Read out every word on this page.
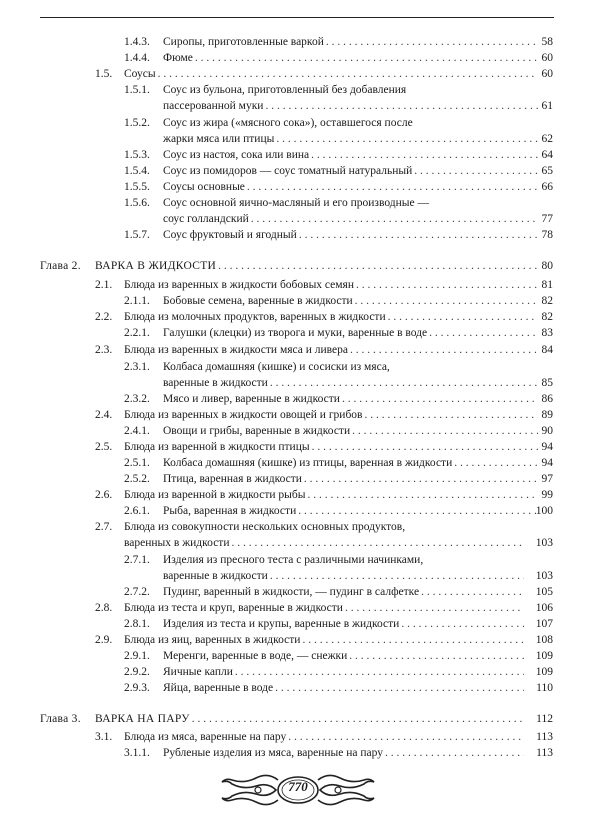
1.4.3. Сиропы, приготовленные варкой . . .	58
1.4.4. Фюме . . .	60
1.5. Соусы . . .	60
1.5.1. Соус из бульона, приготовленный без добавления
пассерованной муки . . .	61
1.5.2. Соус из жира («мясного сока»), оставшегося после
жарки мяса или птицы . . .	62
1.5.3. Соус из настоя, сока или вина . . .	64
1.5.4. Соус из помидоров — соус томатный натуральный . . .	65
1.5.5. Соусы основные . . .	66
1.5.6. Соус основной яично-масляный и его производные —
соус голландский . . .	77
1.5.7. Соус фруктовый и ягодный . . .	78
Глава 2. ВАРКА В ЖИДКОСТИ . . .	80
2.1. Блюда из варенных в жидкости бобовых семян . . .	81
2.1.1. Бобовые семена, варенные в жидкости . . .	82
2.2. Блюда из молочных продуктов, варенных в жидкости . . .	82
2.2.1. Галушки (клецки) из творога и муки, варенные в воде . . .	83
2.3. Блюда из варенных в жидкости мяса и ливера . . .	84
2.3.1. Колбаса домашняя (кишке) и сосиски из мяса,
варенные в жидкости . . .	85
2.3.2. Мясо и ливер, варенные в жидкости . . .	86
2.4. Блюда из варенных в жидкости овощей и грибов . . .	89
2.4.1. Овощи и грибы, варенные в жидкости . . .	90
2.5. Блюда из варенной в жидкости птицы . . .	94
2.5.1. Колбаса домашняя (кишке) из птицы, варенная в жидкости . . .	94
2.5.2. Птица, варенная в жидкости . . .	97
2.6. Блюда из варенной в жидкости рыбы . . .	99
2.6.1. Рыба, варенная в жидкости . . .	100
2.7. Блюда из совокупности нескольких основных продуктов,
варенных в жидкости . . .	103
2.7.1. Изделия из пресного теста с различными начинками,
варенные в жидкости . . .	103
2.7.2. Пудинг, варенный в жидкости, — пудинг в салфетке . . .	105
2.8. Блюда из теста и круп, варенные в жидкости . . .	106
2.8.1. Изделия из теста и крупы, варенные в жидкости . . .	107
2.9. Блюда из яиц, варенных в жидкости . . .	108
2.9.1. Меренги, варенные в воде, — снежки . . .	109
2.9.2. Яичные капли . . .	109
2.9.3. Яйца, варенные в воде . . .	110
Глава 3. ВАРКА НА ПАРУ . . .	112
3.1. Блюда из мяса, варенные на пару . . .	113
3.1.1. Рубленые изделия из мяса, варенные на пару . . .	113
770
